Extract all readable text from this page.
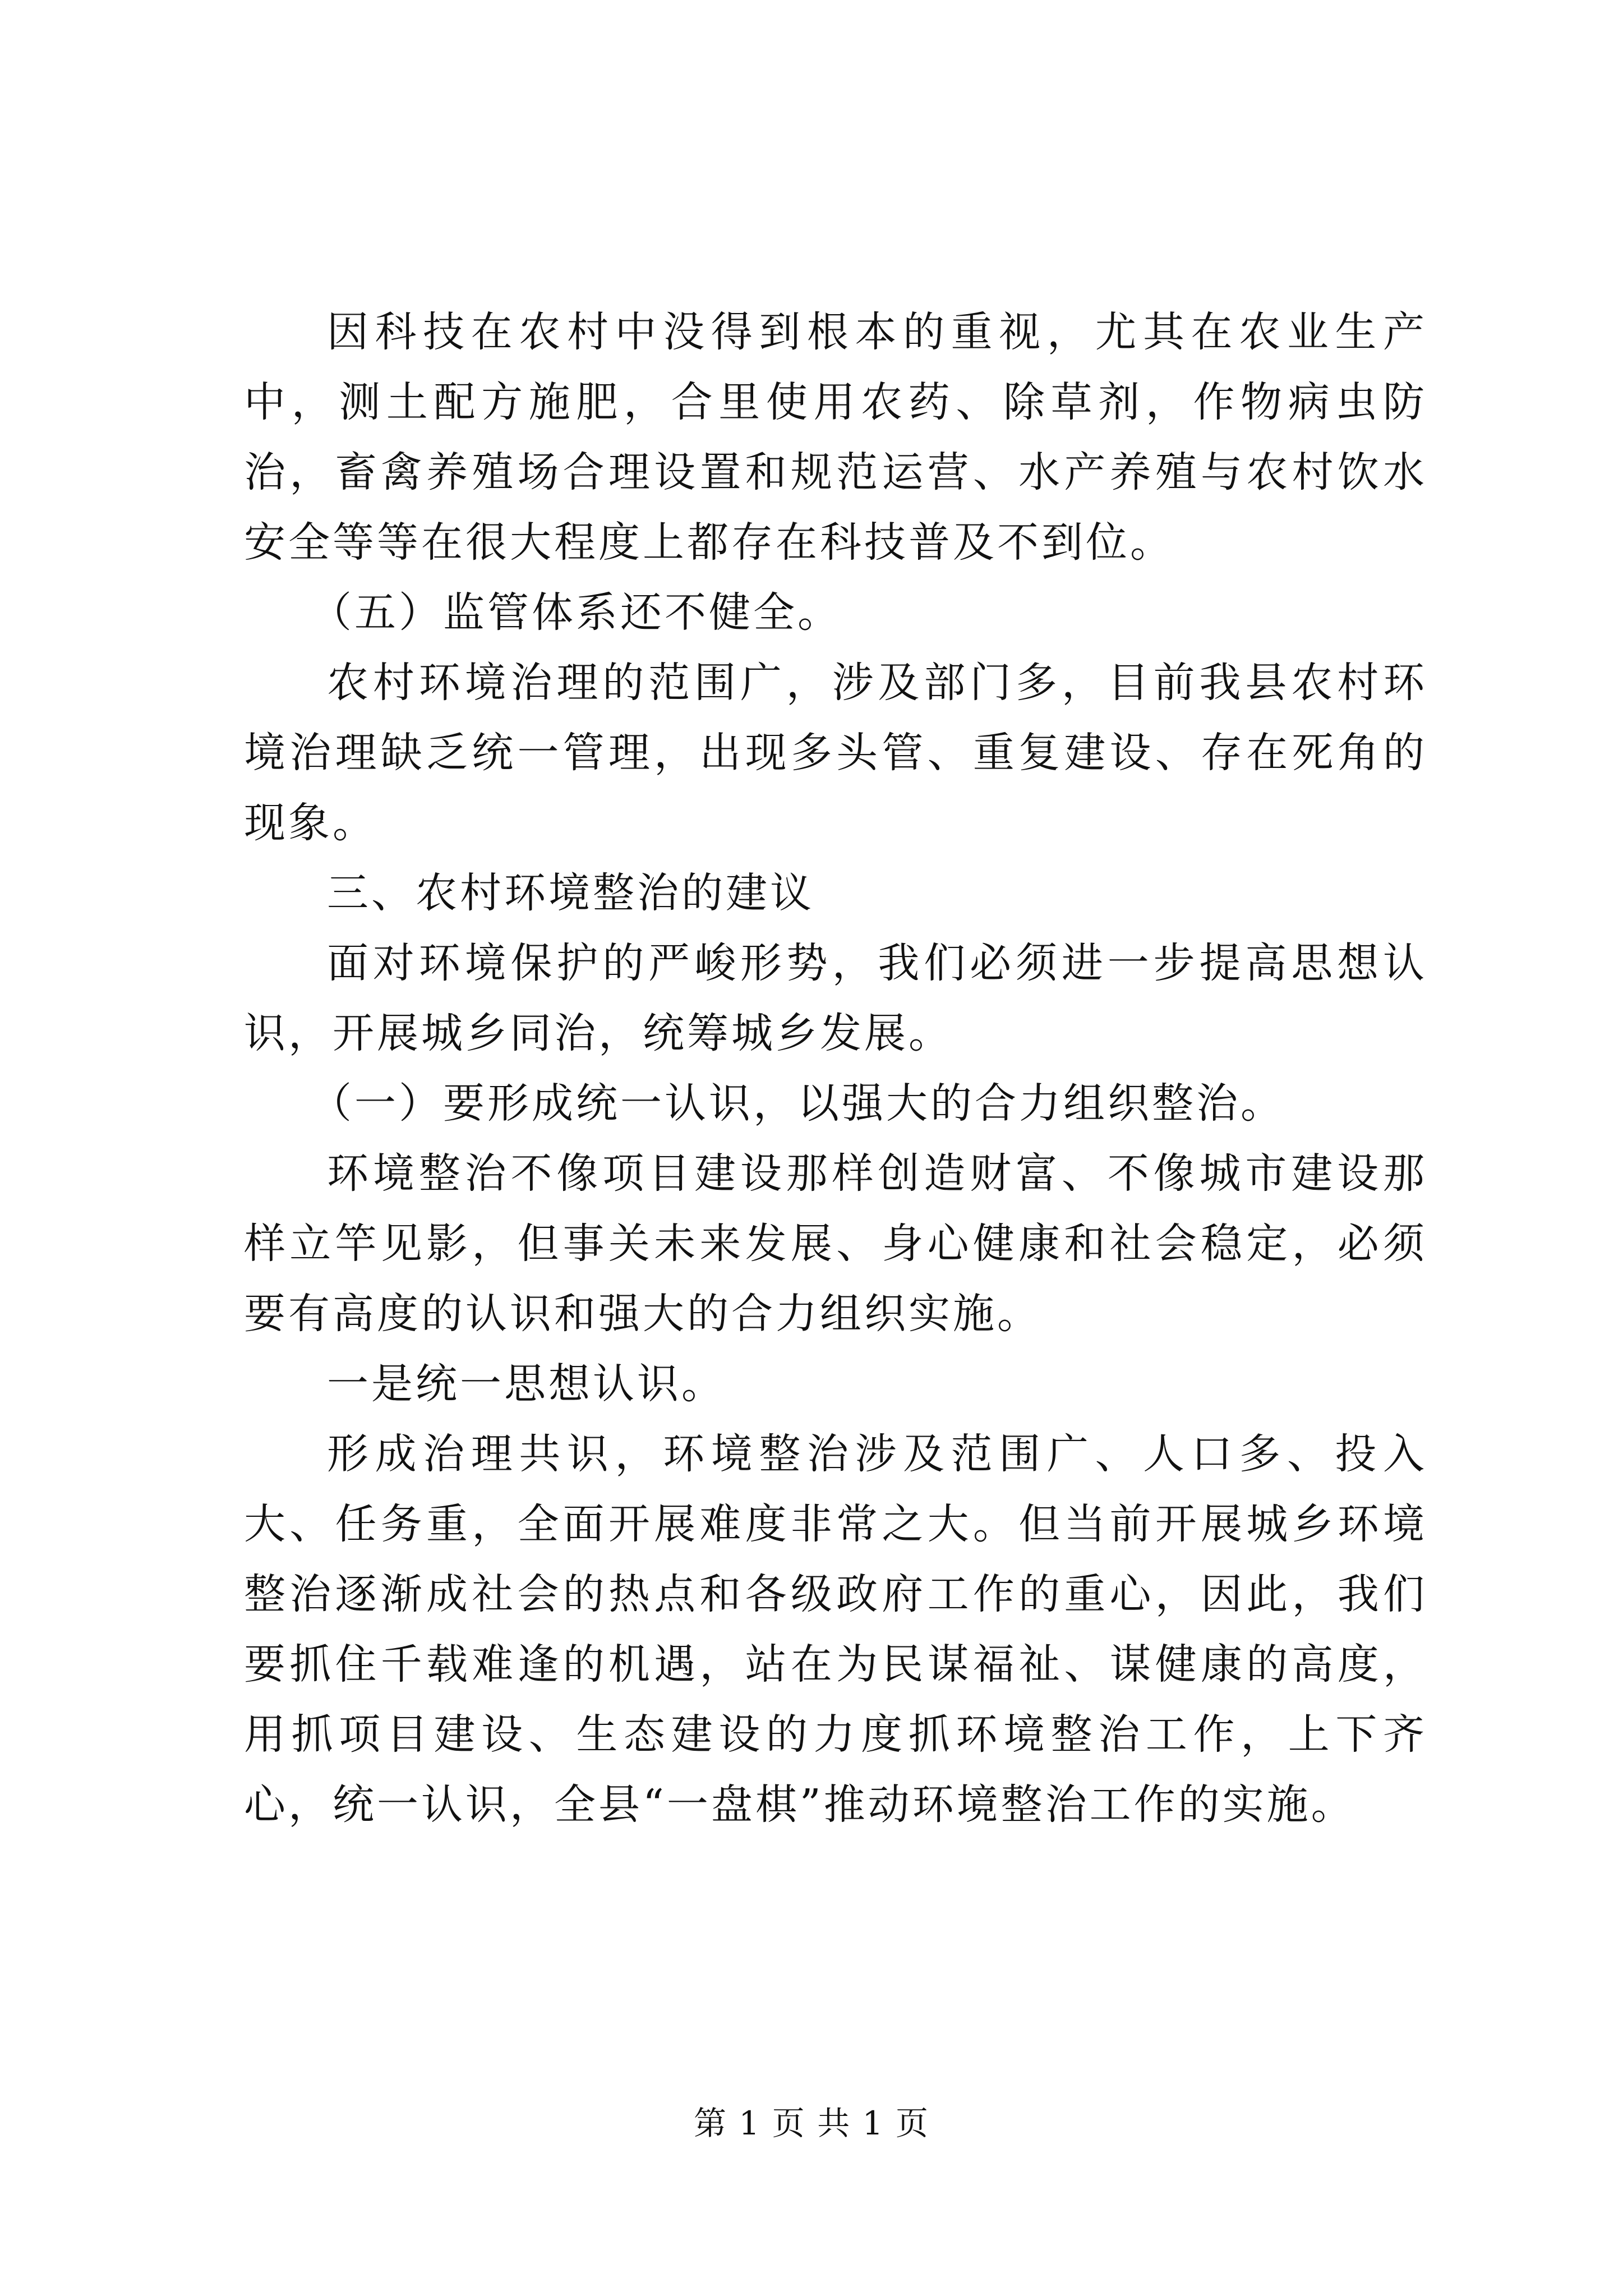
因科技在农村中没得到根本的重视，尤其在农业生产中，测土配方施肥，合里使用农药、除草剂，作物病虫防治，畜禽养殖场合理设置和规范运营、水产养殖与农村饮水安全等等在很大程度上都存在科技普及不到位。

（五）监管体系还不健全。

农村环境治理的范围广，涉及部门多，目前我县农村环境治理缺乏统一管理，出现多头管、重复建设、存在死角的现象。

三、农村环境整治的建议

面对环境保护的严峻形势，我们必须进一步提高思想认识，开展城乡同治，统筹城乡发展。

（一）要形成统一认识，以强大的合力组织整治。

环境整治不像项目建设那样创造财富、不像城市建设那样立竿见影，但事关未来发展、身心健康和社会稳定，必须要有高度的认识和强大的合力组织实施。

一是统一思想认识。

形成治理共识，环境整治涉及范围广、人口多、投入大、任务重，全面开展难度非常之大。但当前开展城乡环境整治逐渐成社会的热点和各级政府工作的重心，因此，我们要抓住千载难逢的机遇，站在为民谋福祉、谋健康的高度，用抓项目建设、生态建设的力度抓环境整治工作，上下齐心，统一认识，全县“一盘棋”推动环境整治工作的实施。

第 1 页 共 1 页
